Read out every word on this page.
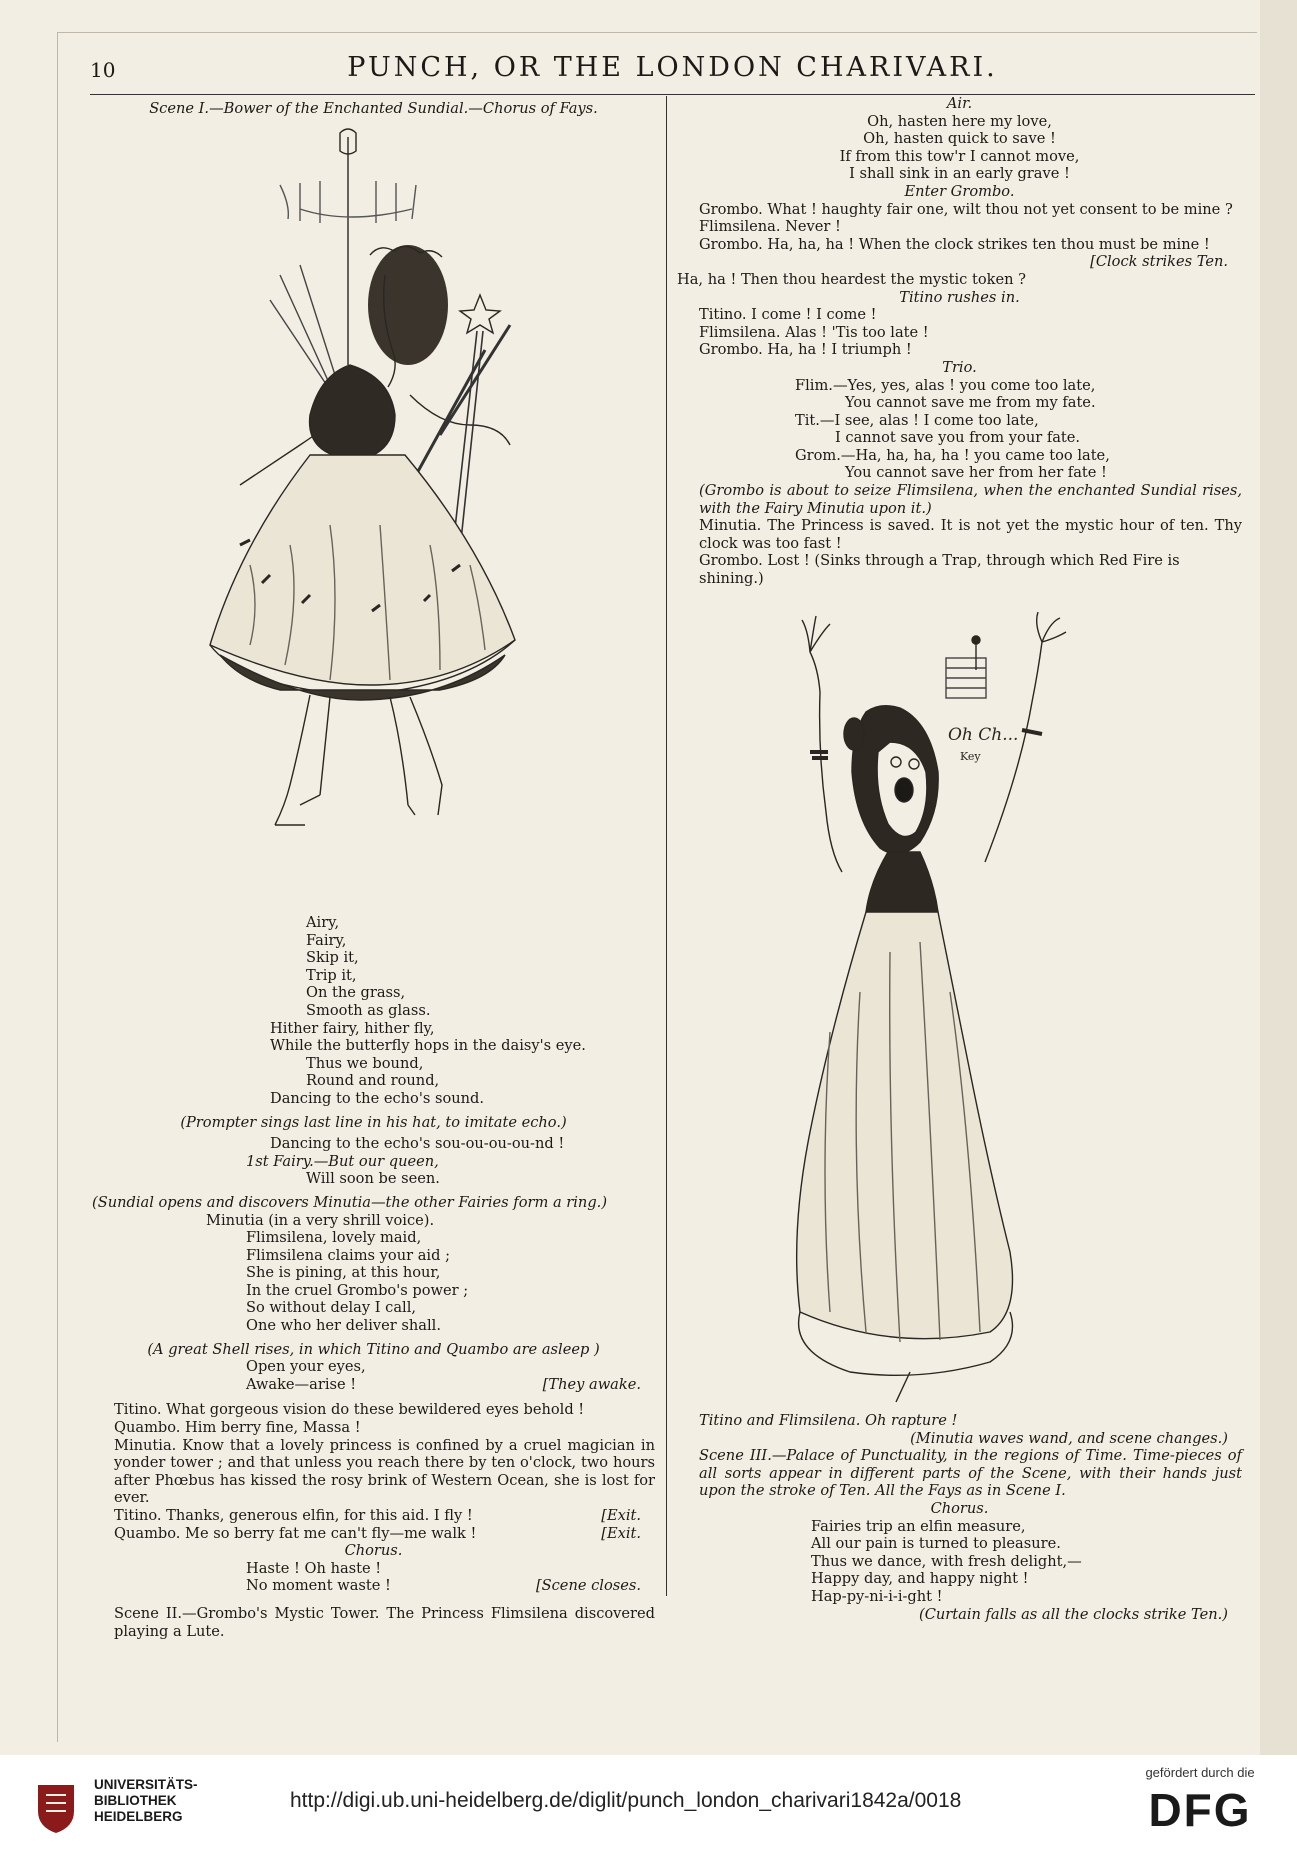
10	PUNCH, OR THE LONDON CHARIVARI.

Scene I.—Bower of the Enchanted Sundial.—Chorus of Fays.

Airy,

Fairy,

Skip it,

Trip it,

On the grass,

Smooth as glass.

Hither fairy, hither fly,

While the butterfly hops in the daisy's eye.

Thus we bound,

Round and round,

Dancing to the echo's sound.

(Prompter sings last line in his hat, to imitate echo.)

Dancing to the echo's sou-ou-ou-ou-nd !

1st Fairy.—But our queen,

Will soon be seen.

(Sundial opens and discovers Minutia—the other Fairies form a ring.)

Minutia (in a very shrill voice).

Flimsilena, lovely maid,

Flimsilena claims your aid ;

She is pining, at this hour,

In the cruel Grombo's power ;

So without delay I call,

One who her deliver shall.

(A great Shell rises, in which Titino and Quambo are asleep )

Open your eyes,

Awake—arise !	[They awake.

Titino. What gorgeous vision do these bewildered eyes behold !

Quambo. Him berry fine, Massa !

Minutia. Know that a lovely princess is confined by a cruel magician in yonder tower ; and that unless you reach there by ten o'clock, two hours after Phœbus has kissed the rosy brink of Western Ocean, she is lost for ever.

Titino. Thanks, generous elfin, for this aid. I fly !	[Exit.

Quambo. Me so berry fat me can't fly—me walk !	[Exit.

Chorus.

Haste ! Oh haste !

No moment waste !	[Scene closes.

Scene II.—Grombo's Mystic Tower. The Princess Flimsilena discovered playing a Lute.

Air.

Oh, hasten here my love,

Oh, hasten quick to save !

If from this tow'r I cannot move,

I shall sink in an early grave !

Enter Grombo.

Grombo. What ! haughty fair one, wilt thou not yet consent to be mine ?

Flimsilena. Never !

Grombo. Ha, ha, ha ! When the clock strikes ten thou must be mine !

[Clock strikes Ten.

Ha, ha ! Then thou heardest the mystic token ?

Titino rushes in.

Titino. I come ! I come !

Flimsilena. Alas ! 'Tis too late !

Grombo. Ha, ha ! I triumph !

Trio.

Flim.—Yes, yes, alas ! you come too late,

You cannot save me from my fate.

Tit.—I see, alas ! I come too late,

I cannot save you from your fate.

Grom.—Ha, ha, ha, ha ! you came too late,

You cannot save her from her fate !

(Grombo is about to seize Flimsilena, when the enchanted Sundial rises, with the Fairy Minutia upon it.)

Minutia. The Princess is saved. It is not yet the mystic hour of ten. Thy clock was too fast !

Grombo. Lost ! (Sinks through a Trap, through which Red Fire is shining.)

Oh Ch...
Key

Titino and Flimsilena. Oh rapture !

(Minutia waves wand, and scene changes.)

Scene III.—Palace of Punctuality, in the regions of Time. Time-pieces of all sorts appear in different parts of the Scene, with their hands just upon the stroke of Ten. All the Fays as in Scene I.

Chorus.

Fairies trip an elfin measure,

All our pain is turned to pleasure.

Thus we dance, with fresh delight,—

Happy day, and happy night !

Hap-py-ni-i-i-ght !

(Curtain falls as all the clocks strike Ten.)

UNIVERSITÄTS-
BIBLIOTHEK
HEIDELBERG
http://digi.ub.uni-heidelberg.de/diglit/punch_london_charivari1842a/0018
gefördert durch die
DFG
